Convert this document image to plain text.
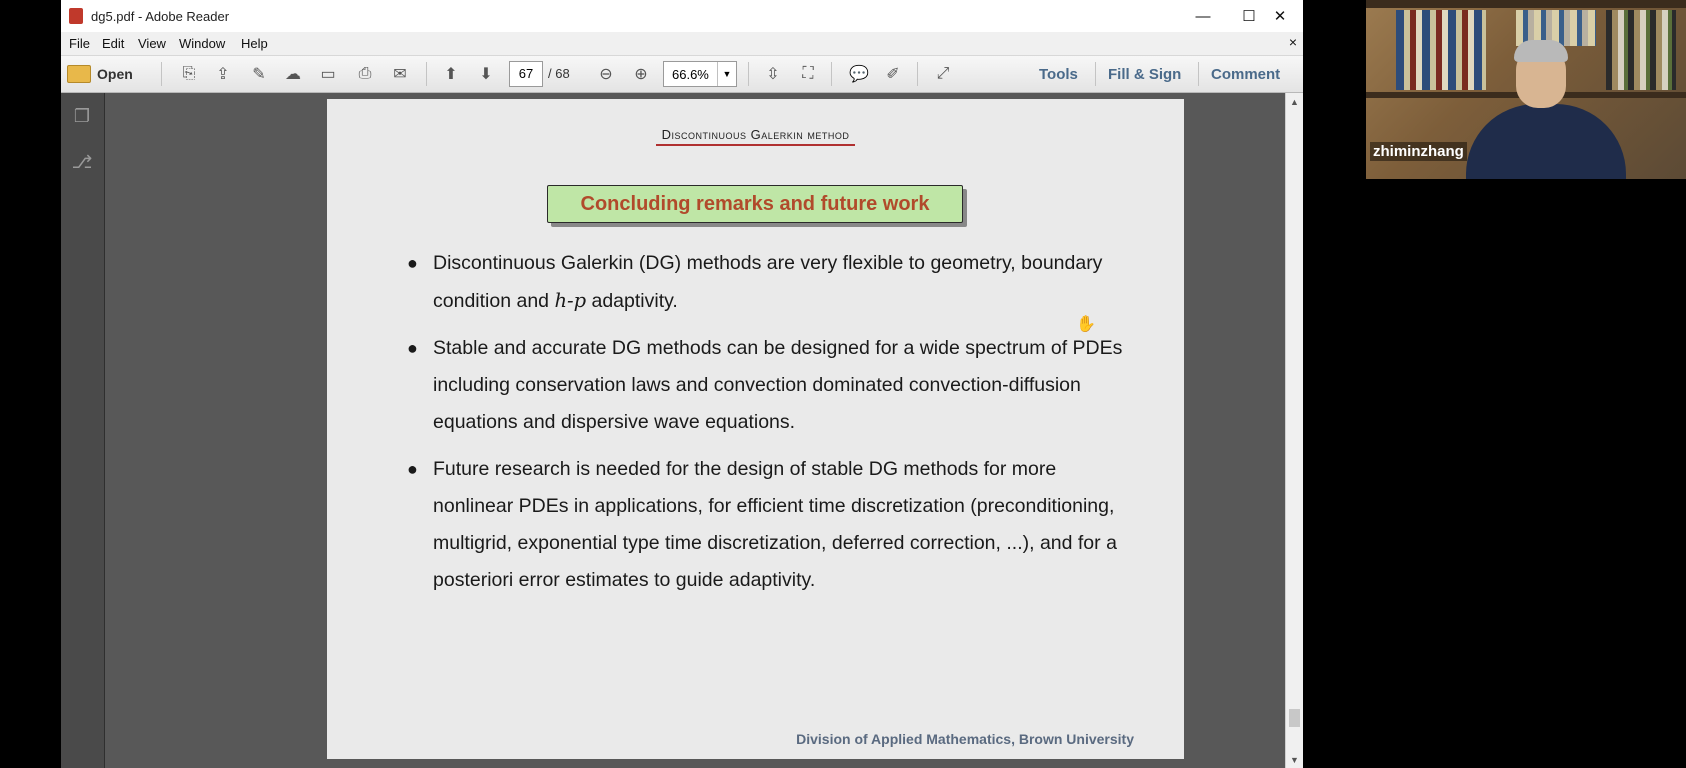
dg5.pdf - Adobe Reader	—	☐	✕
File Edit View Window Help	×
Open	⎘	⇪	✎	☁ ▭	⎙	✉	⬆	⬇	67	/ 68	⊖	⊕	66.6%	▼	⇳	⛶	💬	✐	⤢	Tools Fill & Sign Comment
❐
⎇
▲
▼
Discontinuous Galerkin method
Concluding remarks and future work
● Discontinuous Galerkin (DG) methods are very flexible to geometry, boundary condition and h-p adaptivity.
● Stable and accurate DG methods can be designed for a wide spectrum of PDEs including conservation laws and convection dominated convection-diffusion equations and dispersive wave equations.
● Future research is needed for the design of stable DG methods for more nonlinear PDEs in applications, for efficient time discretization (preconditioning, multigrid, exponential type time discretization, deferred correction, ...), and for a posteriori error estimates to guide adaptivity.
Division of Applied Mathematics, Brown University
✋
zhiminzhang
